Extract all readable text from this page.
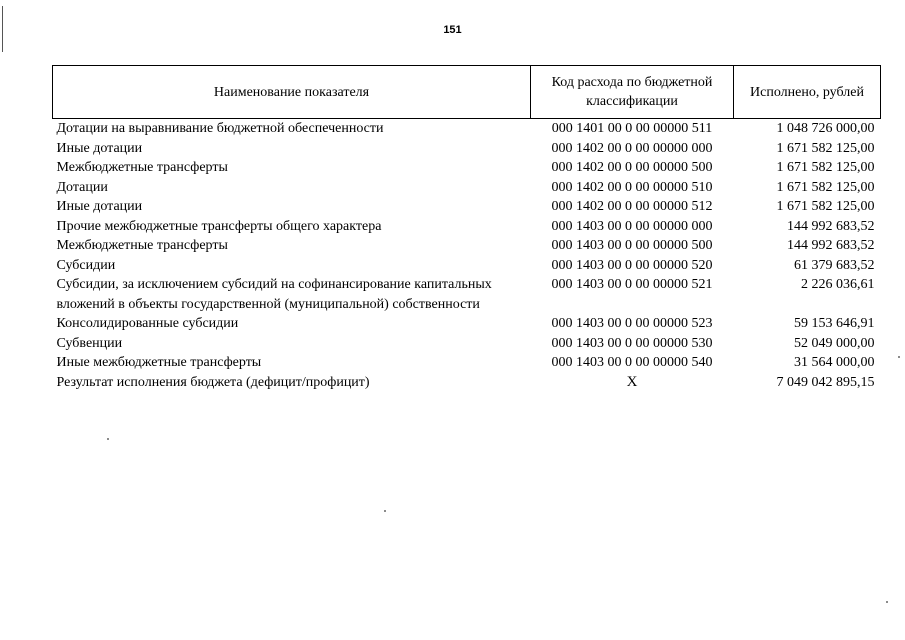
151
Наименование показателя	Код расхода по бюджетной классификации	Исполнено, рублей
Дотации на выравнивание бюджетной обеспеченности	000 1401 00 0 00 00000 511	1 048 726 000,00
Иные дотации	000 1402 00 0 00 00000 000	1 671 582 125,00
Межбюджетные трансферты	000 1402 00 0 00 00000 500	1 671 582 125,00
Дотации	000 1402 00 0 00 00000 510	1 671 582 125,00
Иные дотации	000 1402 00 0 00 00000 512	1 671 582 125,00
Прочие межбюджетные трансферты общего характера	000 1403 00 0 00 00000 000	144 992 683,52
Межбюджетные трансферты	000 1403 00 0 00 00000 500	144 992 683,52
Субсидии	000 1403 00 0 00 00000 520	61 379 683,52
Субсидии, за исключением субсидий на софинансирование капитальных вложений в объекты государственной (муниципальной) собственности	000 1403 00 0 00 00000 521	2 226 036,61
Консолидированные субсидии	000 1403 00 0 00 00000 523	59 153 646,91
Субвенции	000 1403 00 0 00 00000 530	52 049 000,00
Иные межбюджетные трансферты	000 1403 00 0 00 00000 540	31 564 000,00
Результат исполнения бюджета (дефицит/профицит)	X	7 049 042 895,15
